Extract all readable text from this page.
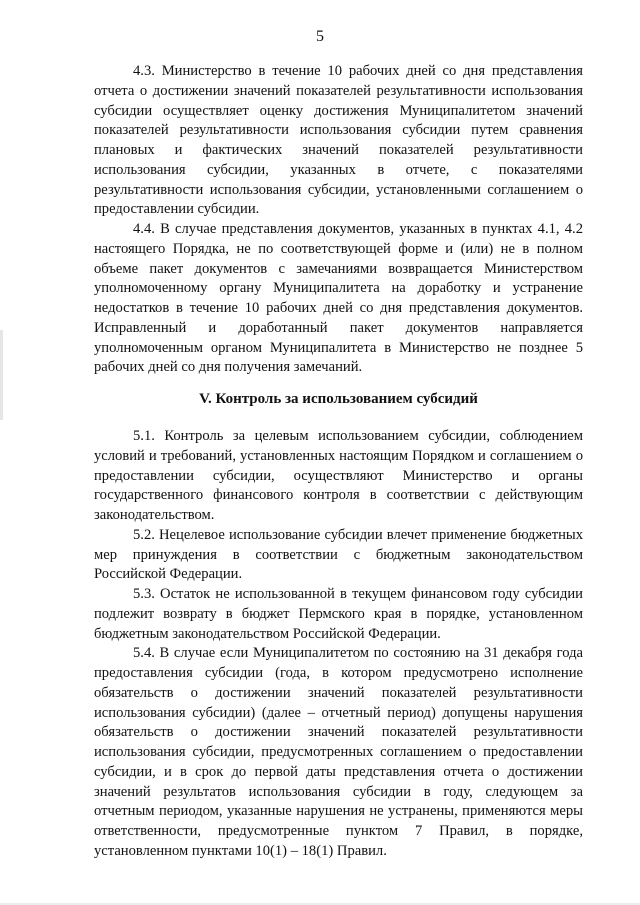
5

4.3. Министерство в течение 10 рабочих дней со дня представления отчета о достижении значений показателей результативности использования субсидии осуществляет оценку достижения Муниципалитетом значений показателей результативности использования субсидии путем сравнения плановых и фактических значений показателей результативности использования субсидии, указанных в отчете, с показателями результативности использования субсидии, установленными соглашением о предоставлении субсидии.

4.4. В случае представления документов, указанных в пунктах 4.1, 4.2 настоящего Порядка, не по соответствующей форме и (или) не в полном объеме пакет документов с замечаниями возвращается Министерством уполномоченному органу Муниципалитета на доработку и устранение недостатков в течение 10 рабочих дней со дня представления документов. Исправленный и доработанный пакет документов направляется уполномоченным органом Муниципалитета в Министерство не позднее 5 рабочих дней со дня получения замечаний.

V. Контроль за использованием субсидий

5.1. Контроль за целевым использованием субсидии, соблюдением условий и требований, установленных настоящим Порядком и соглашением о предоставлении субсидии, осуществляют Министерство и органы государственного финансового контроля в соответствии с действующим законодательством.

5.2. Нецелевое использование субсидии влечет применение бюджетных мер принуждения в соответствии с бюджетным законодательством Российской Федерации.

5.3. Остаток не использованной в текущем финансовом году субсидии подлежит возврату в бюджет Пермского края в порядке, установленном бюджетным законодательством Российской Федерации.

5.4. В случае если Муниципалитетом по состоянию на 31 декабря года предоставления субсидии (года, в котором предусмотрено исполнение обязательств о достижении значений показателей результативности использования субсидии) (далее – отчетный период) допущены нарушения обязательств о достижении значений показателей результативности использования субсидии, предусмотренных соглашением о предоставлении субсидии, и в срок до первой даты представления отчета о достижении значений результатов использования субсидии в году, следующем за отчетным периодом, указанные нарушения не устранены, применяются меры ответственности, предусмотренные пунктом 7 Правил, в порядке, установленном пунктами 10(1) – 18(1) Правил.
